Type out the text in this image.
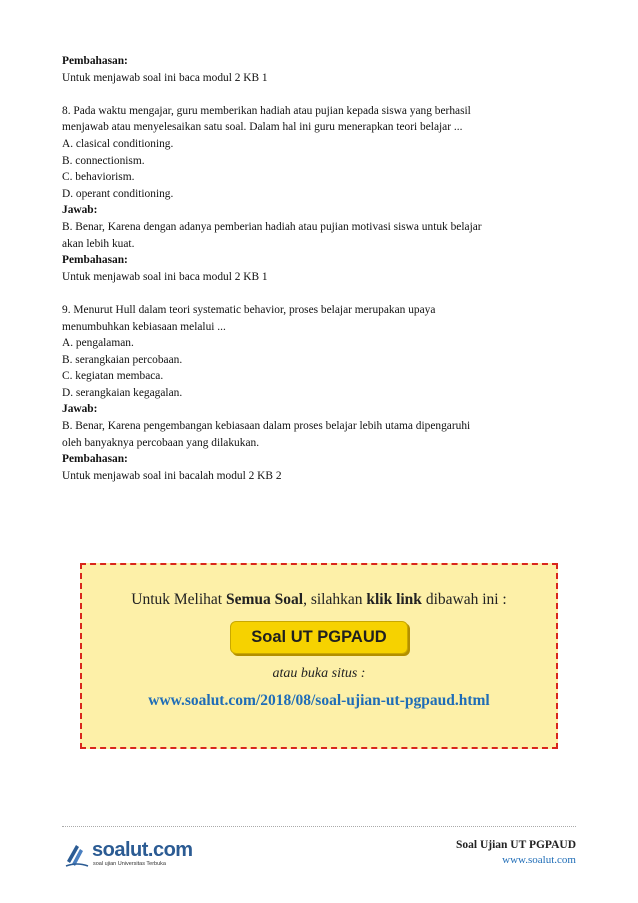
Pembahasan:
Untuk menjawab soal ini baca modul 2 KB 1
8. Pada waktu mengajar, guru memberikan hadiah atau pujian kepada siswa yang berhasil
menjawab atau menyelesaikan satu soal. Dalam hal ini guru menerapkan teori belajar ...
A. clasical conditioning.
B. connectionism.
C. behaviorism.
D. operant conditioning.
Jawab:
B. Benar, Karena dengan adanya pemberian hadiah atau pujian motivasi siswa untuk belajar
akan lebih kuat.
Pembahasan:
Untuk menjawab soal ini baca modul 2 KB 1
9. Menurut Hull dalam teori systematic behavior, proses belajar merupakan upaya
menumbuhkan kebiasaan melalui ...
A. pengalaman.
B. serangkaian percobaan.
C. kegiatan membaca.
D. serangkaian kegagalan.
Jawab:
B. Benar, Karena pengembangan kebiasaan dalam proses belajar lebih utama dipengaruhi
oleh banyaknya percobaan yang dilakukan.
Pembahasan:
Untuk menjawab soal ini bacalah modul 2 KB 2
Untuk Melihat Semua Soal, silahkan klik link dibawah ini :
Soal UT PGPAUD
atau buka situs :
www.soalut.com/2018/08/soal-ujian-ut-pgpaud.html
soalut.com
soal ujian Universitas Terbuka
Soal Ujian UT PGPAUD
www.soalut.com
